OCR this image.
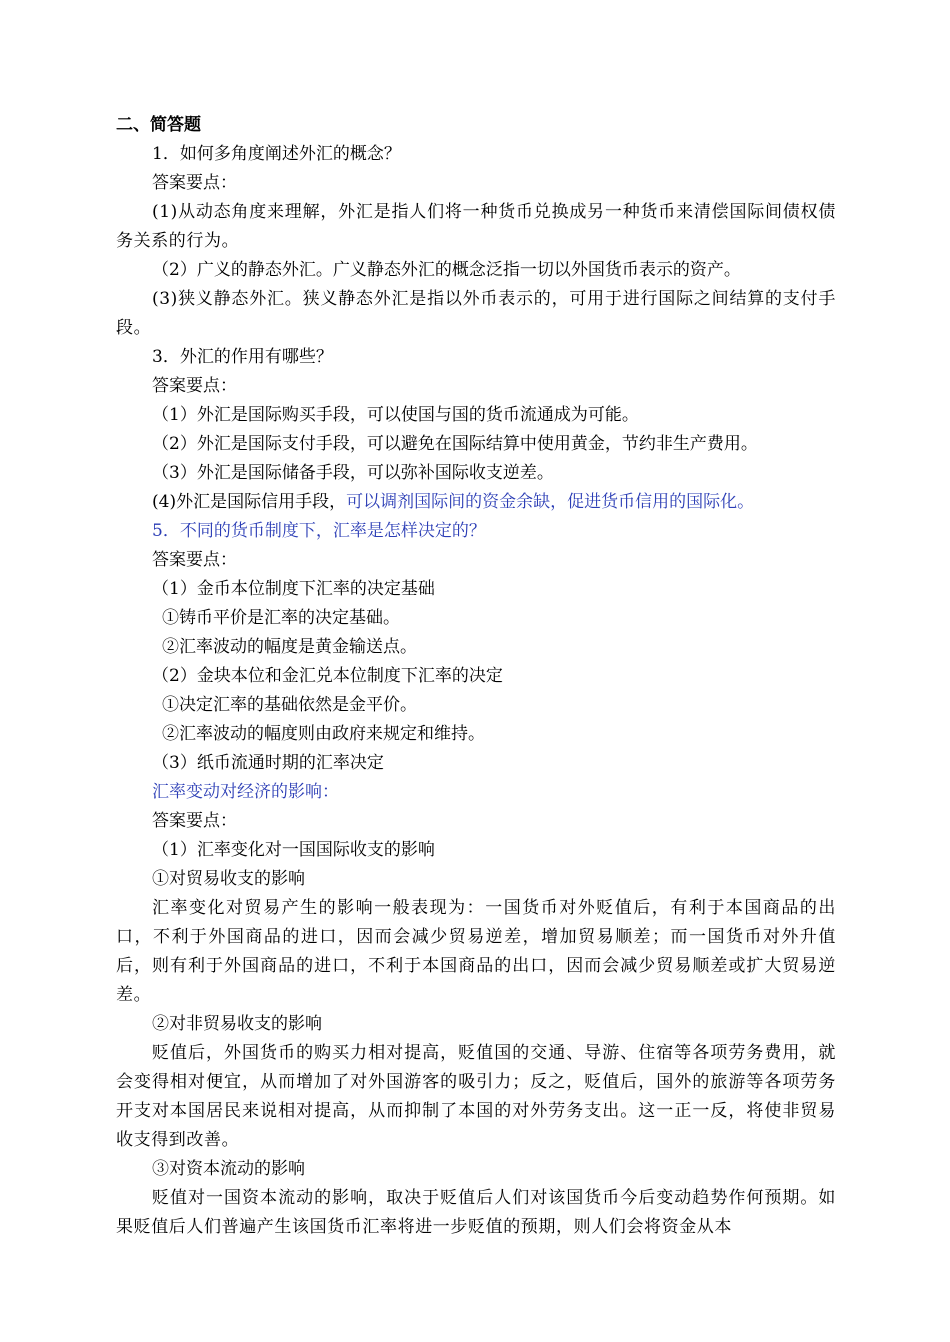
二、简答题

1．如何多角度阐述外汇的概念？

答案要点：

(1)从动态角度来理解，外汇是指人们将一种货币兑换成另一种货币来清偿国际间债权债务关系的行为。

（2）广义的静态外汇。广义静态外汇的概念泛指一切以外国货币表示的资产。

(3)狭义静态外汇。狭义静态外汇是指以外币表示的，可用于进行国际之间结算的支付手段。

3．外汇的作用有哪些？

答案要点：

（1）外汇是国际购买手段，可以使国与国的货币流通成为可能。

（2）外汇是国际支付手段，可以避免在国际结算中使用黄金，节约非生产费用。

（3）外汇是国际储备手段，可以弥补国际收支逆差。

(4)外汇是国际信用手段，可以调剂国际间的资金余缺，促进货币信用的国际化。

5．不同的货币制度下，汇率是怎样决定的？

答案要点：

（1）金币本位制度下汇率的决定基础

①铸币平价是汇率的决定基础。

②汇率波动的幅度是黄金输送点。

（2）金块本位和金汇兑本位制度下汇率的决定

①决定汇率的基础依然是金平价。

②汇率波动的幅度则由政府来规定和维持。

（3）纸币流通时期的汇率决定

汇率变动对经济的影响：

答案要点：

（1）汇率变化对一国国际收支的影响

①对贸易收支的影响

汇率变化对贸易产生的影响一般表现为：一国货币对外贬值后，有利于本国商品的出口，不利于外国商品的进口，因而会减少贸易逆差，增加贸易顺差；而一国货币对外升值后，则有利于外国商品的进口，不利于本国商品的出口，因而会减少贸易顺差或扩大贸易逆差。

②对非贸易收支的影响

贬值后，外国货币的购买力相对提高，贬值国的交通、导游、住宿等各项劳务费用，就会变得相对便宜，从而增加了对外国游客的吸引力；反之，贬值后，国外的旅游等各项劳务开支对本国居民来说相对提高，从而抑制了本国的对外劳务支出。这一正一反，将使非贸易收支得到改善。

③对资本流动的影响

贬值对一国资本流动的影响，取决于贬值后人们对该国货币今后变动趋势作何预期。如果贬值后人们普遍产生该国货币汇率将进一步贬值的预期，则人们会将资金从本
